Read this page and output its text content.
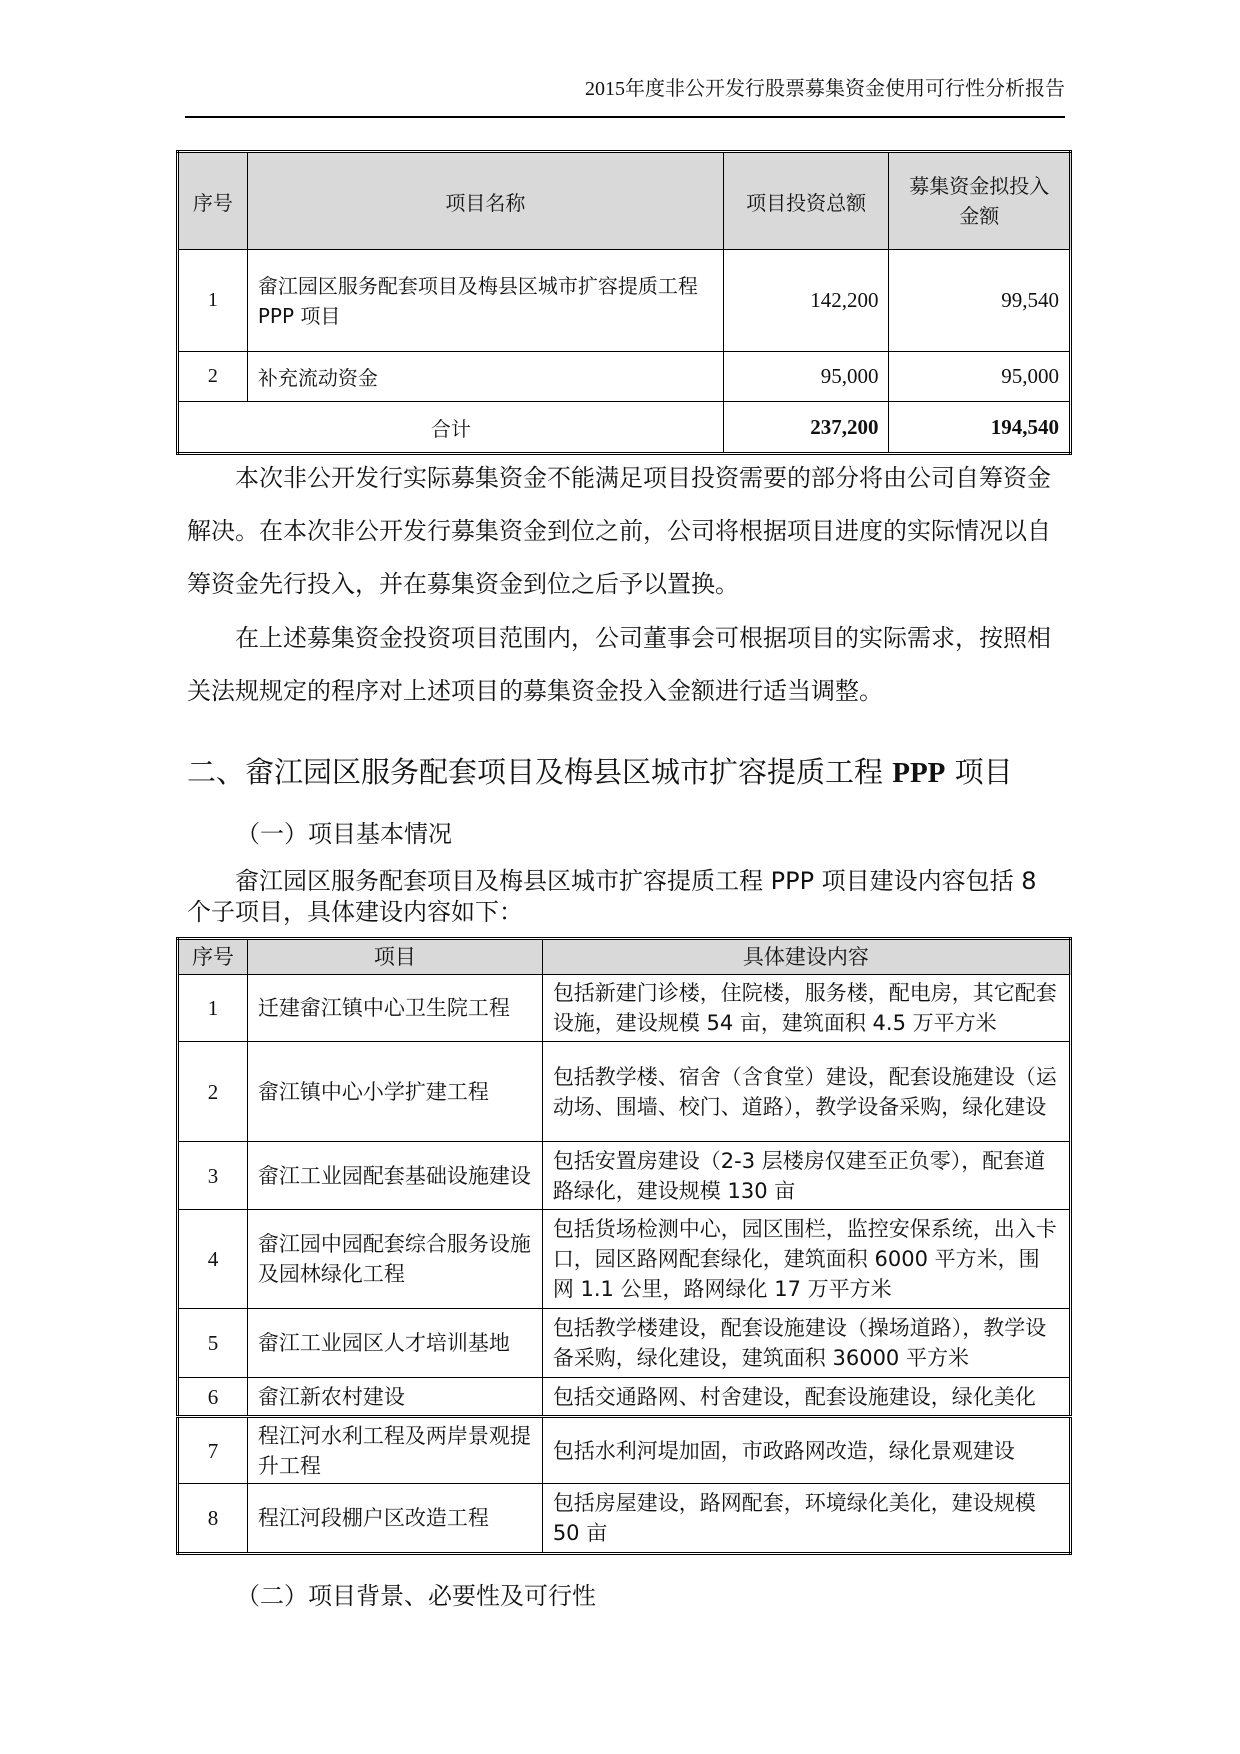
2015年度非公开发行股票募集资金使用可行性分析报告
序号	项目名称	项目投资总额	募集资金拟投入金额
1	畲江园区服务配套项目及梅县区城市扩容提质工程 PPP 项目	142,200	99,540
2	补充流动资金	95,000	95,000
合计		237,200	194,540

本次非公开发行实际募集资金不能满足项目投资需要的部分将由公司自筹资金解决。在本次非公开发行募集资金到位之前，公司将根据项目进度的实际情况以自筹资金先行投入，并在募集资金到位之后予以置换。

在上述募集资金投资项目范围内，公司董事会可根据项目的实际需求，按照相关法规规定的程序对上述项目的募集资金投入金额进行适当调整。

二、畲江园区服务配套项目及梅县区城市扩容提质工程 PPP 项目
（一）项目基本情况

畲江园区服务配套项目及梅县区城市扩容提质工程 PPP 项目建设内容包括 8 个子项目，具体建设内容如下：

序号	项目	具体建设内容
1	迁建畲江镇中心卫生院工程	包括新建门诊楼，住院楼，服务楼，配电房，其它配套设施，建设规模 54 亩，建筑面积 4.5 万平方米
2	畲江镇中心小学扩建工程	包括教学楼、宿舍（含食堂）建设，配套设施建设（运动场、围墙、校门、道路），教学设备采购，绿化建设
3	畲江工业园配套基础设施建设	包括安置房建设（2-3 层楼房仅建至正负零），配套道路绿化，建设规模 130 亩
4	畲江园中园配套综合服务设施及园林绿化工程	包括货场检测中心，园区围栏，监控安保系统，出入卡口，园区路网配套绿化，建筑面积 6000 平方米，围网 1.1 公里，路网绿化 17 万平方米
5	畲江工业园区人才培训基地	包括教学楼建设，配套设施建设（操场道路），教学设备采购，绿化建设，建筑面积 36000 平方米
6	畲江新农村建设	包括交通路网、村舍建设，配套设施建设，绿化美化
7	程江河水利工程及两岸景观提升工程	包括水利河堤加固，市政路网改造，绿化景观建设
8	程江河段棚户区改造工程	包括房屋建设，路网配套，环境绿化美化，建设规模 50 亩
（二）项目背景、必要性及可行性
